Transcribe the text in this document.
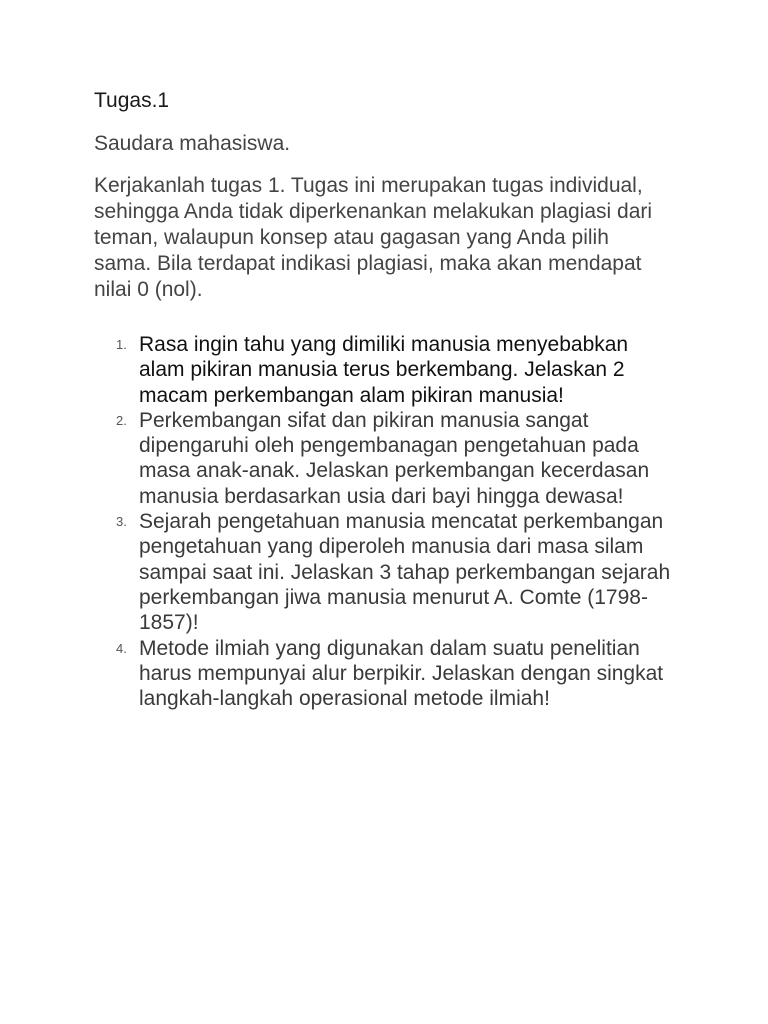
Tugas.1

Saudara mahasiswa.

Kerjakanlah tugas 1. Tugas ini merupakan tugas individual, sehingga Anda tidak diperkenankan melakukan plagiasi dari teman, walaupun konsep atau gagasan yang Anda pilih sama. Bila terdapat indikasi plagiasi, maka akan mendapat nilai 0 (nol).

1. Rasa ingin tahu yang dimiliki manusia menyebabkan alam pikiran manusia terus berkembang. Jelaskan 2 macam perkembangan alam pikiran manusia!
2. Perkembangan sifat dan pikiran manusia sangat dipengaruhi oleh pengembanagan pengetahuan pada masa anak-anak. Jelaskan perkembangan kecerdasan manusia berdasarkan usia dari bayi hingga dewasa!
3. Sejarah pengetahuan manusia mencatat perkembangan pengetahuan yang diperoleh manusia dari masa silam sampai saat ini. Jelaskan 3 tahap perkembangan sejarah perkembangan jiwa manusia menurut A. Comte (1798-1857)!
4. Metode ilmiah yang digunakan dalam suatu penelitian harus mempunyai alur berpikir. Jelaskan dengan singkat langkah-langkah operasional metode ilmiah!
